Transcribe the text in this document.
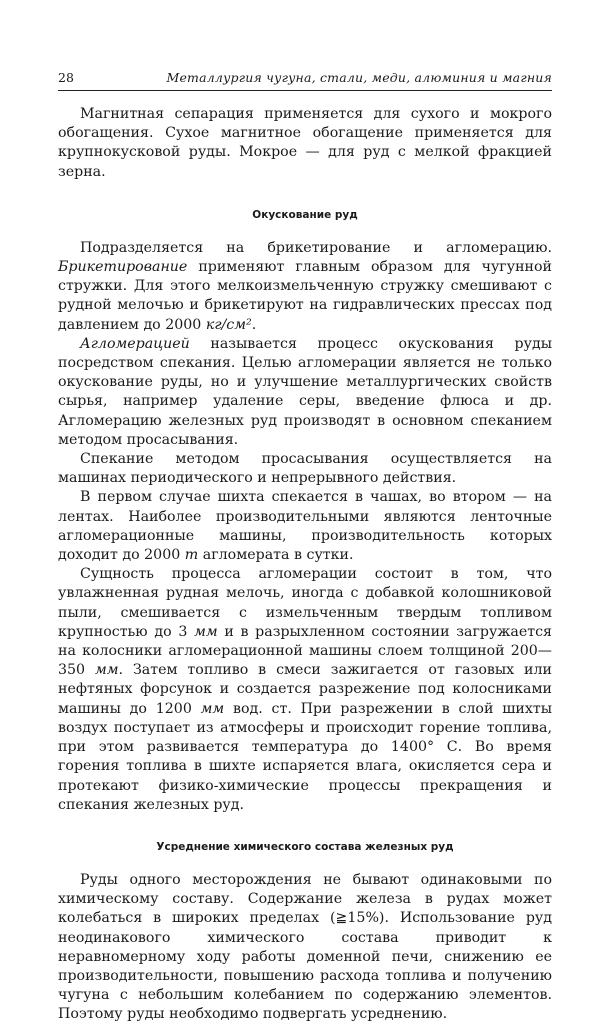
28	Металлургия чугуна, стали, меди, алюминия и магния

Магнитная сепарация применяется для сухого и мокрого обогащения. Сухое магнитное обогащение применяется для крупнокусковой руды. Мокрое — для руд с мелкой фракцией зерна.

Окускование руд

Подразделяется на брикетирование и агломерацию. Брикетирование применяют главным образом для чугунной стружки. Для этого мелкоизмельченную стружку смешивают с рудной мелочью и брикетируют на гидравлических прессах под давлением до 2000 кг/см².

Агломерацией называется процесс окускования руды посредством спекания. Целью агломерации является не только окускование руды, но и улучшение металлургических свойств сырья, например удаление серы, введение флюса и др. Агломерацию железных руд производят в основном спеканием методом просасывания.

Спекание методом просасывания осуществляется на машинах периодического и непрерывного действия.

В первом случае шихта спекается в чашах, во втором — на лентах. Наиболее производительными являются ленточные агломерационные машины, производительность которых доходит до 2000 т агломерата в сутки.

Сущность процесса агломерации состоит в том, что увлажненная рудная мелочь, иногда с добавкой колошниковой пыли, смешивается с измельченным твердым топливом крупностью до 3 мм и в разрыхленном состоянии загружается на колосники агломерационной машины слоем толщиной 200—350 мм. Затем топливо в смеси зажигается от газовых или нефтяных форсунок и создается разрежение под колосниками машины до 1200 мм вод. ст. При разрежении в слой шихты воздух поступает из атмосферы и происходит горение топлива, при этом развивается температура до 1400° С. Во время горения топлива в шихте испаряется влага, окисляется сера и протекают физико-химические процессы прекращения и спекания железных руд.

Усреднение химического состава железных руд

Руды одного месторождения не бывают одинаковыми по химическому составу. Содержание железа в рудах может колебаться в широких пределах (≧15%). Использование руд неодинакового химического состава приводит к неравномерному ходу работы доменной печи, снижению ее производительности, повышению расхода топлива и получению чугуна с небольшим колебанием по содержанию элементов. Поэтому руды необходимо подвергать усреднению.
